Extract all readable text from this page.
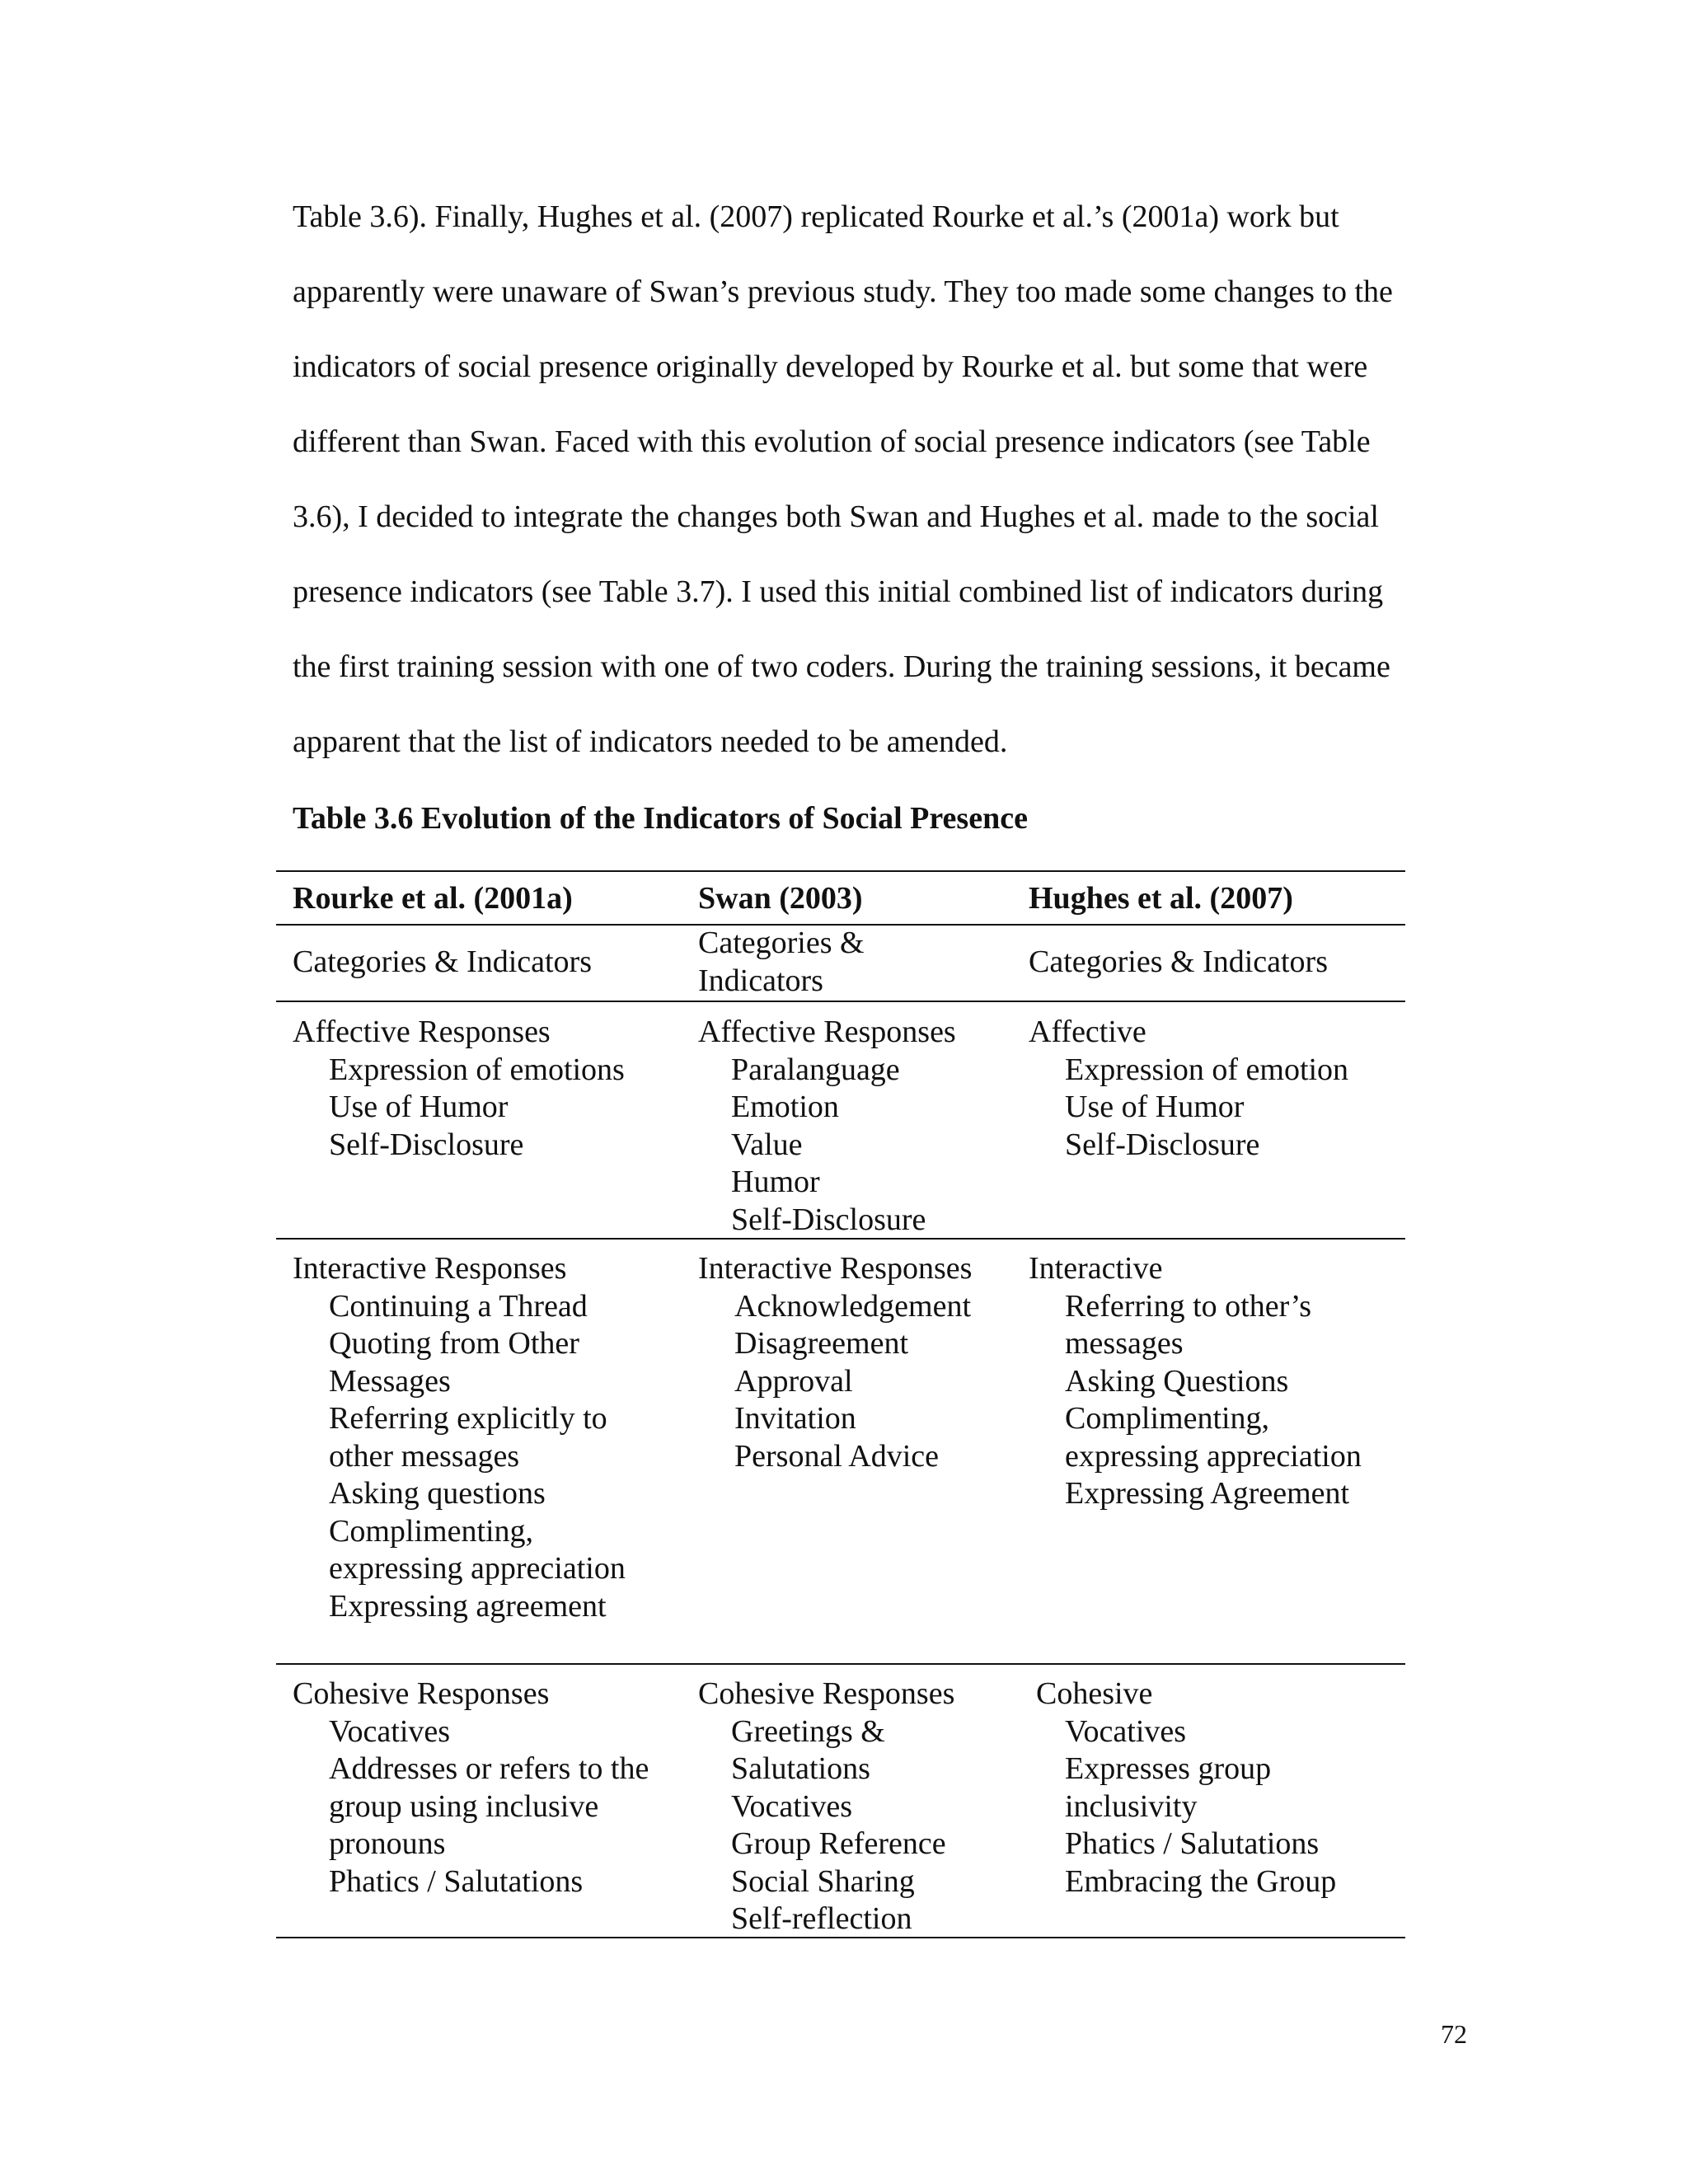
Table 3.6). Finally, Hughes et al. (2007) replicated Rourke et al.’s (2001a) work but
apparently were unaware of Swan’s previous study. They too made some changes to the
indicators of social presence originally developed by Rourke et al. but some that were
different than Swan. Faced with this evolution of social presence indicators (see Table
3.6), I decided to integrate the changes both Swan and Hughes et al. made to the social
presence indicators (see Table 3.7). I used this initial combined list of indicators during
the first training session with one of two coders. During the training sessions, it became
apparent that the list of indicators needed to be amended.
Table 3.6 Evolution of the Indicators of Social Presence
Rourke et al. (2001a)	Swan (2003)	Hughes et al. (2007)
Categories & Indicators
Categories &
Indicators
Categories & Indicators
Affective Responses
Expression of emotions
Use of Humor
Self-Disclosure
Affective Responses
Paralanguage
Emotion
Value
Humor
Self-Disclosure
Affective
Expression of emotion
Use of Humor
Self-Disclosure
Interactive Responses
Continuing a Thread
Quoting from Other
Messages
Referring explicitly to
other messages
Asking questions
Complimenting,
expressing appreciation
Expressing agreement
Interactive Responses
Acknowledgement
Disagreement
Approval
Invitation
Personal Advice
Interactive
Referring to other’s
messages
Asking Questions
Complimenting,
expressing appreciation
Expressing Agreement
Cohesive Responses
Vocatives
Addresses or refers to the
group using inclusive
pronouns
Phatics / Salutations
Cohesive Responses
Greetings &
Salutations
Vocatives
Group Reference
Social Sharing
Self-reflection
Cohesive
Vocatives
Expresses group
inclusivity
Phatics / Salutations
Embracing the Group
72
